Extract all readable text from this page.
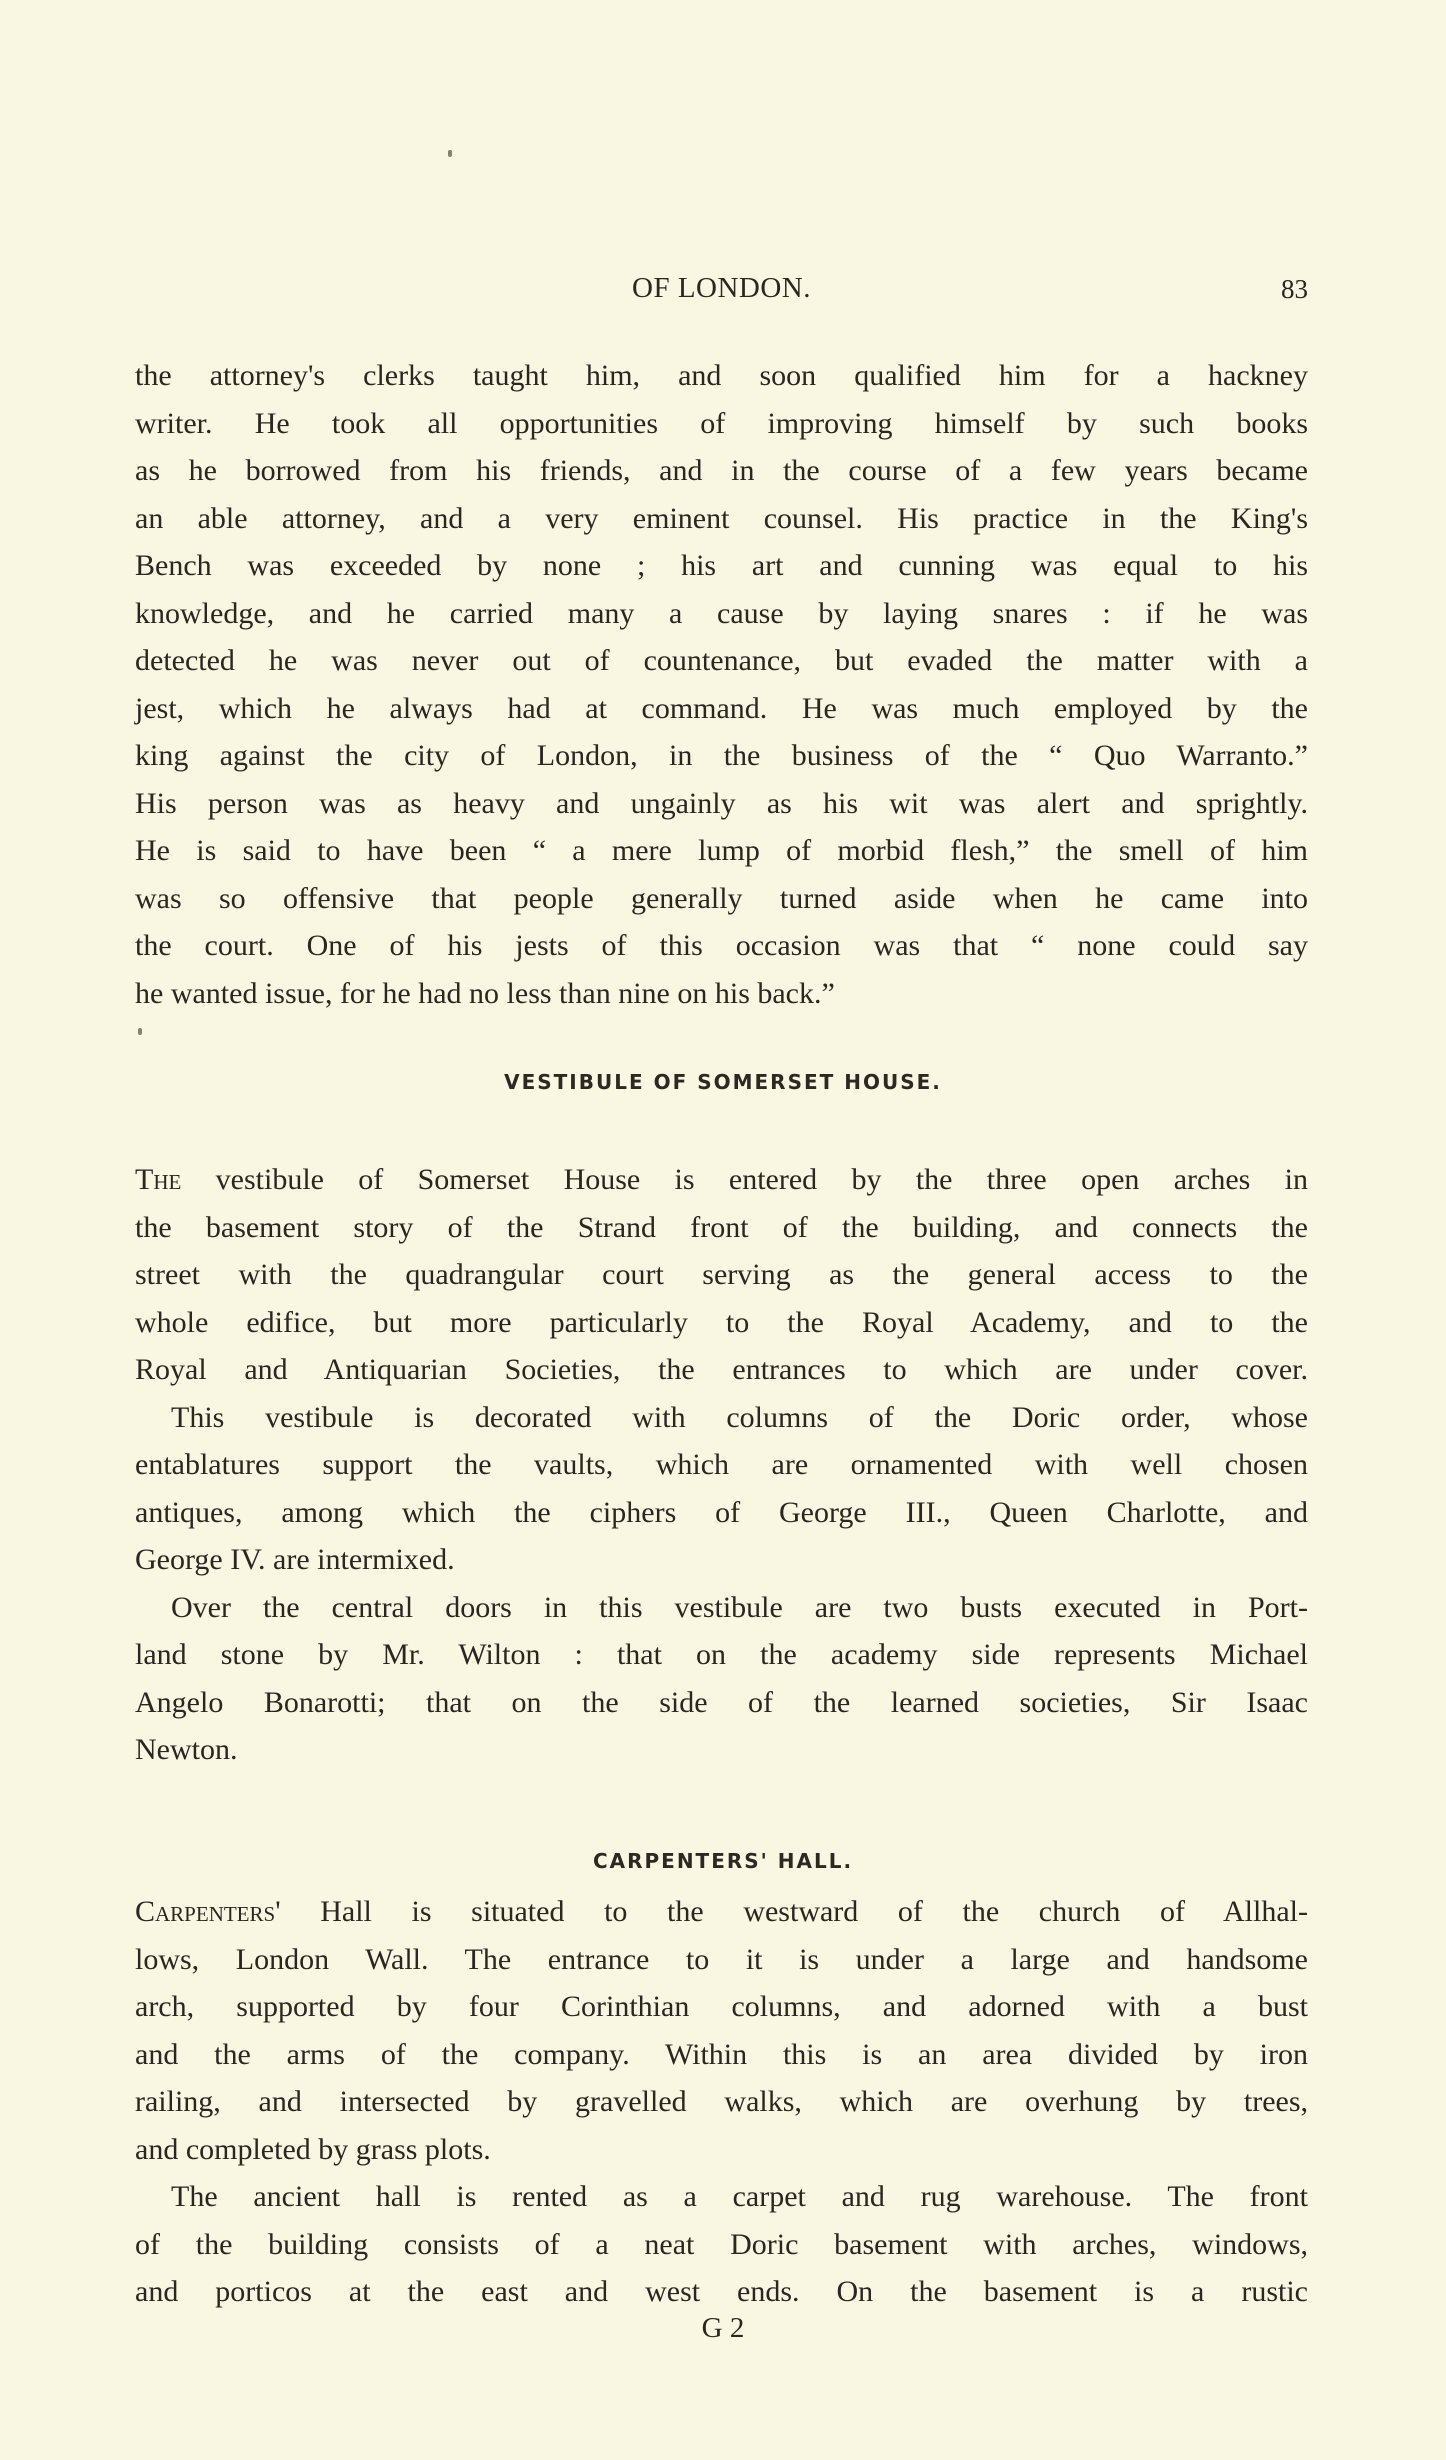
OF LONDON.	83
the attorney's clerks taught him, and soon qualified him for a hackney
writer. He took all opportunities of improving himself by such books
as he borrowed from his friends, and in the course of a few years became
an able attorney, and a very eminent counsel. His practice in the King's
Bench was exceeded by none ; his art and cunning was equal to his
knowledge, and he carried many a cause by laying snares : if he was
detected he was never out of countenance, but evaded the matter with a
jest, which he always had at command. He was much employed by the
king against the city of London, in the business of the “ Quo Warranto.”
His person was as heavy and ungainly as his wit was alert and sprightly.
He is said to have been “ a mere lump of morbid flesh,” the smell of him
was so offensive that people generally turned aside when he came into
the court. One of his jests of this occasion was that “ none could say
he wanted issue, for he had no less than nine on his back.”
VESTIBULE OF SOMERSET HOUSE.
The vestibule of Somerset House is entered by the three open arches in
the basement story of the Strand front of the building, and connects the
street with the quadrangular court serving as the general access to the
whole edifice, but more particularly to the Royal Academy, and to the
Royal and Antiquarian Societies, the entrances to which are under cover.
This vestibule is decorated with columns of the Doric order, whose
entablatures support the vaults, which are ornamented with well chosen
antiques, among which the ciphers of George III., Queen Charlotte, and
George IV. are intermixed.
Over the central doors in this vestibule are two busts executed in Port-
land stone by Mr. Wilton : that on the academy side represents Michael
Angelo Bonarotti; that on the side of the learned societies, Sir Isaac
Newton.
CARPENTERS' HALL.
Carpenters' Hall is situated to the westward of the church of Allhal-
lows, London Wall. The entrance to it is under a large and handsome
arch, supported by four Corinthian columns, and adorned with a bust
and the arms of the company. Within this is an area divided by iron
railing, and intersected by gravelled walks, which are overhung by trees,
and completed by grass plots.
The ancient hall is rented as a carpet and rug warehouse. The front
of the building consists of a neat Doric basement with arches, windows,
and porticos at the east and west ends. On the basement is a rustic
G 2
